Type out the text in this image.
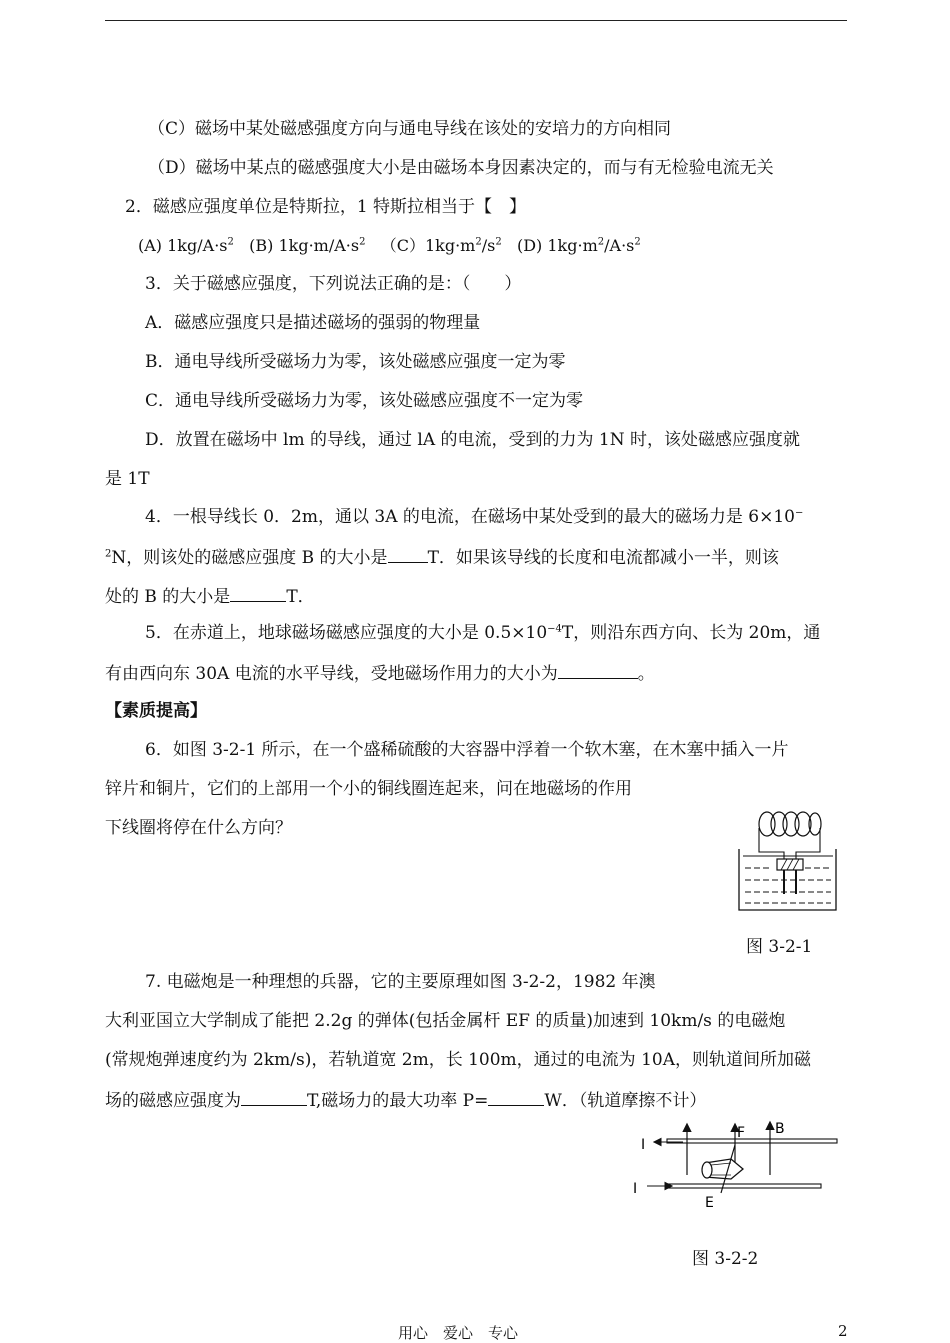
（C）磁场中某处磁感强度方向与通电导线在该处的安培力的方向相同
（D）磁场中某点的磁感强度大小是由磁场本身因素决定的，而与有无检验电流无关
2．磁感应强度单位是特斯拉，1 特斯拉相当于【　】
(A) $1kg/A\cdot s^2$ (B) $1kg\cdot m/A\cdot s^2$ $(C)1kg\cdot m^2/s^2$ (D) $1kg\cdot m^2/A\cdot s^2$
3．关于磁感应强度，下列说法正确的是：（　　）
A．磁感应强度只是描述磁场的强弱的物理量
B．通电导线所受磁场力为零，该处磁感应强度一定为零
C．通电导线所受磁场力为零，该处磁感应强度不一定为零
D．放置在磁场中 lm 的导线，通过 lA 的电流，受到的力为 1N 时，该处磁感应强度就
是 1T
4．一根导线长 0．2m，通以 3A 的电流，在磁场中某处受到的最大的磁场力是 6×10−
$^2$N，则该处的磁感应强度 B 的大小是 T．如果该导线的长度和电流都减小一半，则该
处的 B 的大小是	T．
5．在赤道上，地球磁场磁感应强度的大小是 $0.5\times 10^{-4}T$，则沿东西方向、长为 20m，通
有由西向东 30A 电流的水平导线，受地磁场作用力的大小为	。
【素质提高】
6．如图 3-2-1 所示，在一个盛稀硫酸的大容器中浮着一个软木塞，在木塞中插入一片
锌片和铜片，它们的上部用一个小的铜线圈连起来，问在地磁场的作用
下线圈将停在什么方向？
图 3-2-1
7. 电磁炮是一种理想的兵器，它的主要原理如图 3-2-2，1982 年澳
大利亚国立大学制成了能把 2.2g 的弹体(包括金属杆 EF 的质量)加速到 10km/s 的电磁炮
(常规炮弹速度约为 2km/s)，若轨道宽 2m，长 100m，通过的电流为 10A，则轨道间所加磁
场的磁感应强度为	T,磁场力的最大功率 P=	W．（轨道摩擦不计）
I
I
F B
E
图 3-2-2
用心　爱心　专心	2
